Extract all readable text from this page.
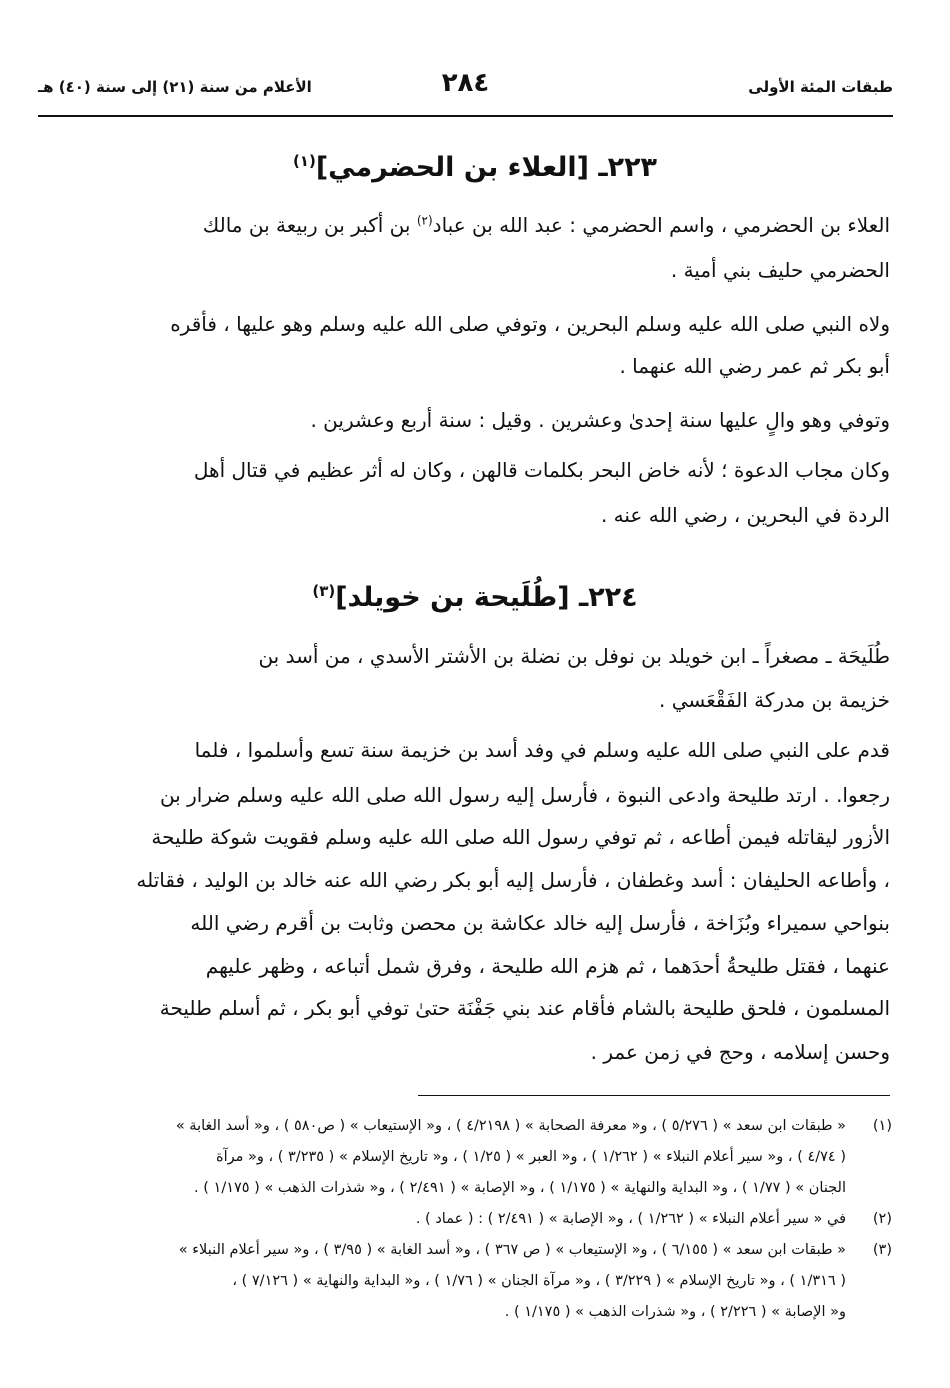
طبقات المئة الأولى
٢٨٤
الأعلام من سنة (٢١) إلى سنة (٤٠) هـ
٢٢٣ـ [العلاء بن الحضرمي]$^{(١)}$
العلاء بن الحضرمي ، واسم الحضرمي : عبد الله بن عباد$^{(٢)}$ بن أكبر بن ربيعة بن مالك
الحضرمي حليف بني أمية .
ولاه النبي صلى الله عليه وسلم البحرين ، وتوفي صلى الله عليه وسلم وهو عليها ، فأقره
أبو بكر ثم عمر رضي الله عنهما .
وتوفي وهو والٍ عليها سنة إحدىٰ وعشرين . وقيل : سنة أربع وعشرين .
وكان مجاب الدعوة ؛ لأنه خاض البحر بكلمات قالهن ، وكان له أثر عظيم في قتال أهل
الردة في البحرين ، رضي الله عنه .
٢٢٤ـ [طُلَيحة بن خويلد]$^{(٣)}$
طُلَيحَة ـ مصغراً ـ ابن خويلد بن نوفل بن نضلة بن الأشتر الأسدي ، من أسد بن
خزيمة بن مدركة الفَقْعَسي .
قدم على النبي صلى الله عليه وسلم في وفد أسد بن خزيمة سنة تسع وأسلموا ، فلما
رجعوا. . ارتد طليحة وادعى النبوة ، فأرسل إليه رسول الله صلى الله عليه وسلم ضرار بن
الأزور ليقاتله فيمن أطاعه ، ثم توفي رسول الله صلى الله عليه وسلم فقويت شوكة طليحة
، وأطاعه الحليفان : أسد وغطفان ، فأرسل إليه أبو بكر رضي الله عنه خالد بن الوليد ، فقاتله
بنواحي سميراء وبُزَاخة ، فأرسل إليه خالد عكاشة بن محصن وثابت بن أقرم رضي الله
عنهما ، فقتل طليحةُ أحدَهما ، ثم هزم الله طليحة ، وفرق شمل أتباعه ، وظهر عليهم
المسلمون ، فلحق طليحة بالشام فأقام عند بني جَفْنَة حتىٰ توفي أبو بكر ، ثم أسلم طليحة
وحسن إسلامه ، وحج في زمن عمر .
(١)
« طبقات ابن سعد » ( ٥/٢٧٦ ) ، و« معرفة الصحابة » ( ٤/٢١٩٨ ) ، و« الإستيعاب » ( ص٥٨٠ ) ، و« أسد الغابة »
( ٤/٧٤ ) ، و« سير أعلام النبلاء » ( ١/٢٦٢ ) ، و« العبر » ( ١/٢٥ ) ، و« تاريخ الإسلام » ( ٣/٢٣٥ ) ، و« مرآة
الجنان » ( ١/٧٧ ) ، و« البداية والنهاية » ( ١/١٧٥ ) ، و« الإصابة » ( ٢/٤٩١ ) ، و« شذرات الذهب » ( ١/١٧٥ ) .
(٢)
في « سير أعلام النبلاء » ( ١/٢٦٢ ) ، و« الإصابة » ( ٢/٤٩١ ) : ( عماد ) .
(٣)
« طبقات ابن سعد » ( ٦/١٥٥ ) ، و« الإستيعاب » ( ص ٣٦٧ ) ، و« أسد الغابة » ( ٣/٩٥ ) ، و« سير أعلام النبلاء »
( ١/٣١٦ ) ، و« تاريخ الإسلام » ( ٣/٢٢٩ ) ، و« مرآة الجنان » ( ١/٧٦ ) ، و« البداية والنهاية » ( ٧/١٢٦ ) ،
و« الإصابة » ( ٢/٢٢٦ ) ، و« شذرات الذهب » ( ١/١٧٥ ) .
